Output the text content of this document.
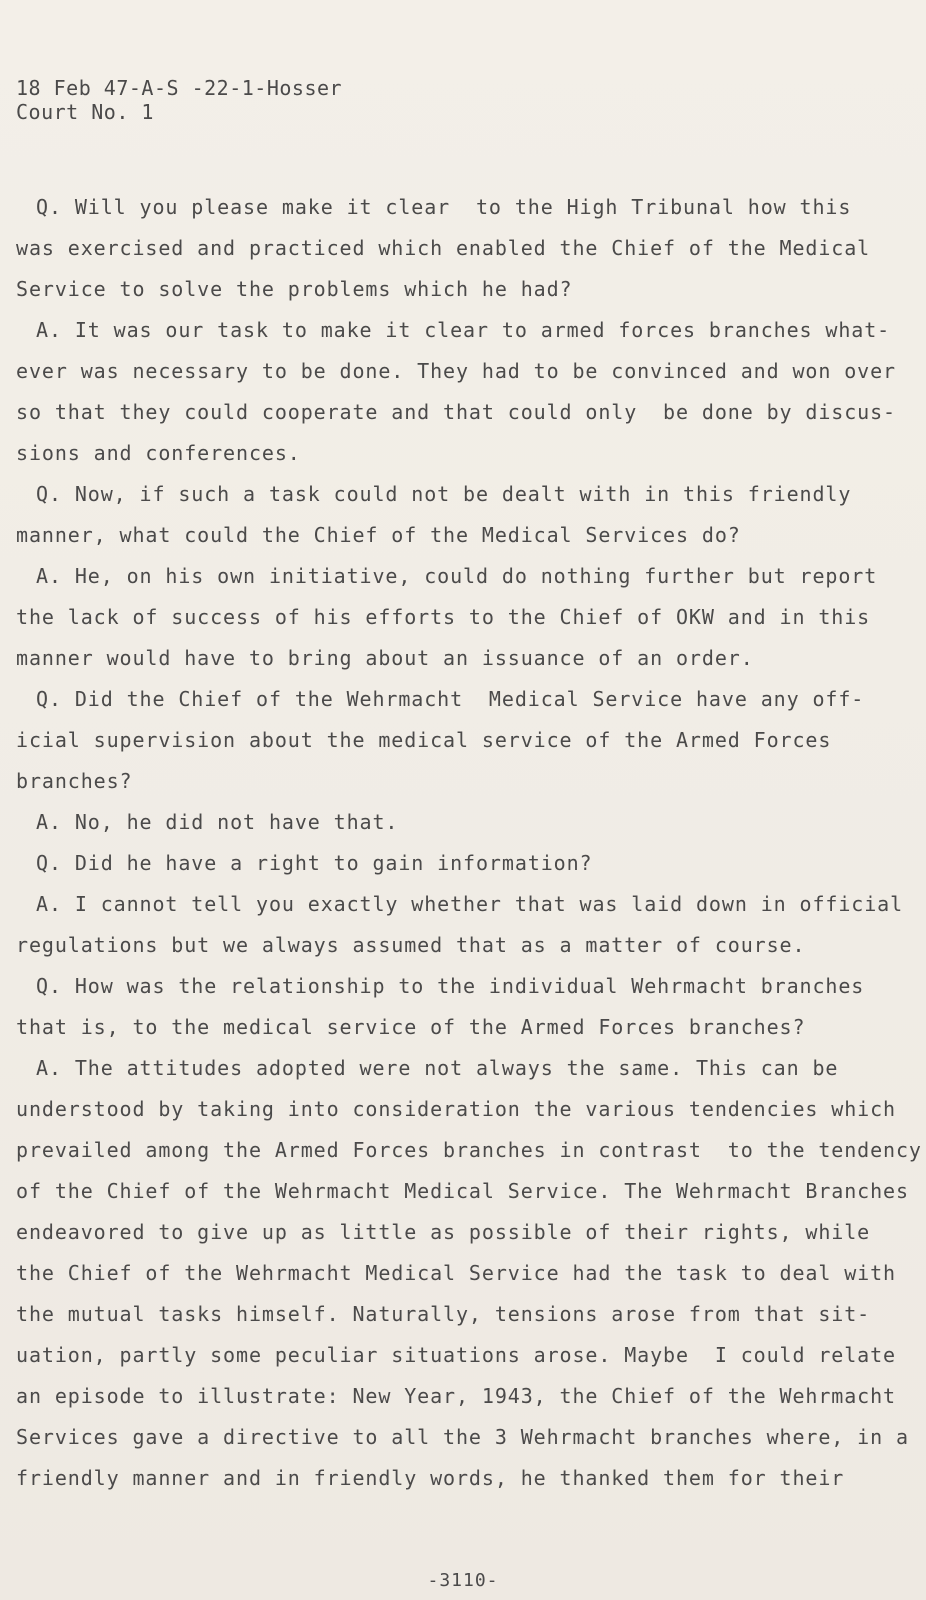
18 Feb 47-A-S -22-1-Hosser
Court No. 1
Q. Will you please make it clear  to the High Tribunal how this
was exercised and practiced which enabled the Chief of the Medical
Service to solve the problems which he had?
A. It was our task to make it clear to armed forces branches what-
ever was necessary to be done. They had to be convinced and won over
so that they could cooperate and that could only  be done by discus-
sions and conferences.
Q. Now, if such a task could not be dealt with in this friendly
manner, what could the Chief of the Medical Services do?
A. He, on his own initiative, could do nothing further but report
the lack of success of his efforts to the Chief of OKW and in this
manner would have to bring about an issuance of an order.
Q. Did the Chief of the Wehrmacht  Medical Service have any off-
icial supervision about the medical service of the Armed Forces
branches?
A. No, he did not have that.
Q. Did he have a right to gain information?
A. I cannot tell you exactly whether that was laid down in official
regulations but we always assumed that as a matter of course.
Q. How was the relationship to the individual Wehrmacht branches
that is, to the medical service of the Armed Forces branches?
A. The attitudes adopted were not always the same. This can be
understood by taking into consideration the various tendencies which
prevailed among the Armed Forces branches in contrast  to the tendency
of the Chief of the Wehrmacht Medical Service. The Wehrmacht Branches
endeavored to give up as little as possible of their rights, while
the Chief of the Wehrmacht Medical Service had the task to deal with
the mutual tasks himself. Naturally, tensions arose from that sit-
uation, partly some peculiar situations arose. Maybe  I could relate
an episode to illustrate: New Year, 1943, the Chief of the Wehrmacht
Services gave a directive to all the 3 Wehrmacht branches where, in a
friendly manner and in friendly words, he thanked them for their
-3110-
